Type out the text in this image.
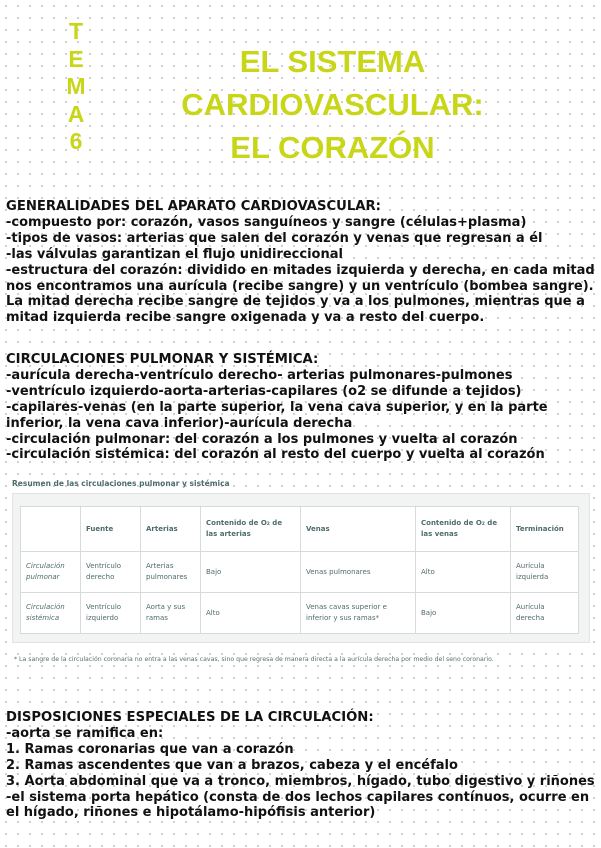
T
E
M
A
6
EL SISTEMA
CARDIOVASCULAR:
EL CORAZÓN

GENERALIDADES DEL APARATO CARDIOVASCULAR:

-compuesto por: corazón, vasos sanguíneos y sangre (células+plasma)

-tipos de vasos: arterias que salen del corazón y venas que regresan a él

-las válvulas garantizan el flujo unidireccional

-estructura del corazón: dividido en mitades izquierda y derecha, en cada mitad nos encontramos una aurícula (recibe sangre) y un ventrículo (bombea sangre). La mitad derecha recibe sangre de tejidos y va a los pulmones, mientras que a mitad izquierda recibe sangre oxigenada y va a resto del cuerpo.

CIRCULACIONES PULMONAR Y SISTÉMICA:

-aurícula derecha-ventrículo derecho- arterias pulmonares-pulmones

-ventrículo izquierdo-aorta-arterias-capilares (o2 se difunde a tejidos)

-capilares-venas (en la parte superior, la vena cava superior, y en la parte inferior, la vena cava inferior)-aurícula derecha

-circulación pulmonar: del corazón a los pulmones y vuelta al corazón

-circulación sistémica: del corazón al resto del cuerpo y vuelta al corazón

Resumen de las circulaciones pulmonar y sistémica
	Fuente	Arterias	Contenido de O₂ de las arterias	Venas	Contenido de O₂ de las venas	Terminación
Circulación pulmonar	Ventrículo derecho	Arterias pulmonares	Bajo	Venas pulmonares	Alto	Aurícula izquierda
Circulación sistémica	Ventrículo izquierdo	Aorta y sus ramas	Alto	Venas cavas superior e inferior y sus ramas*	Bajo	Aurícula derecha
* La sangre de la circulación coronaria no entra a las venas cavas, sino que regresa de manera directa a la aurícula derecha por medio del seno coronario.

DISPOSICIONES ESPECIALES DE LA CIRCULACIÓN:

-aorta se ramifica en:

1. Ramas coronarias que van a corazón

2. Ramas ascendentes que van a brazos, cabeza y el encéfalo

3. Aorta abdominal que va a tronco, miembros, hígado, tubo digestivo y riñones

-el sistema porta hepático (consta de dos lechos capilares contínuos, ocurre en el hígado, riñones e hipotálamo-hipófisis anterior)
